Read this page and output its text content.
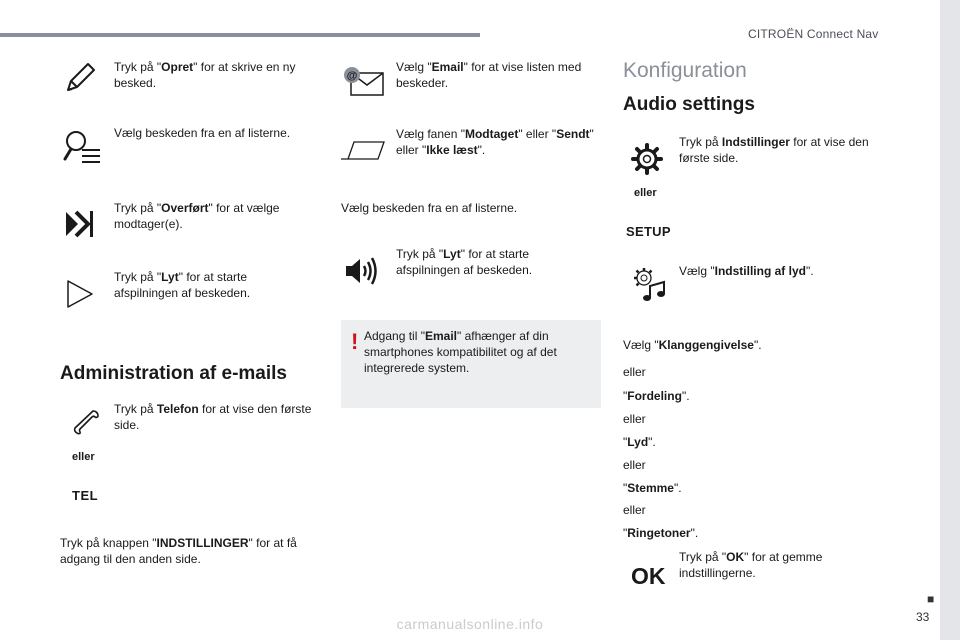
CITROËN Connect Nav
■
33
carmanualsonline.info
Tryk på "Opret" for at skrive en ny besked.
Vælg beskeden fra en af listerne.
Tryk på "Overført" for at vælge modtager(e).
Tryk på "Lyt" for at starte afspilningen af beskeden.
Administration af e-mails
Tryk på Telefon for at vise den første side.
eller
TEL
Tryk på knappen "INDSTILLINGER" for at få adgang til den anden side.
@
Vælg "Email" for at vise listen med beskeder.
Vælg fanen "Modtaget" eller "Sendt" eller "Ikke læst".
Vælg beskeden fra en af listerne.
Tryk på "Lyt" for at starte afspilningen af beskeden.
! Adgang til "Email" afhænger af din smartphones kompatibilitet og af det integrerede system.
Konfiguration
Audio settings
Tryk på Indstillinger for at vise den første side.
eller
SETUP
Vælg "Indstilling af lyd".
Vælg "Klanggengivelse".
eller
"Fordeling".
eller
"Lyd".
eller
"Stemme".
eller
"Ringetoner".
OK
Tryk på "OK" for at gemme indstillingerne.
